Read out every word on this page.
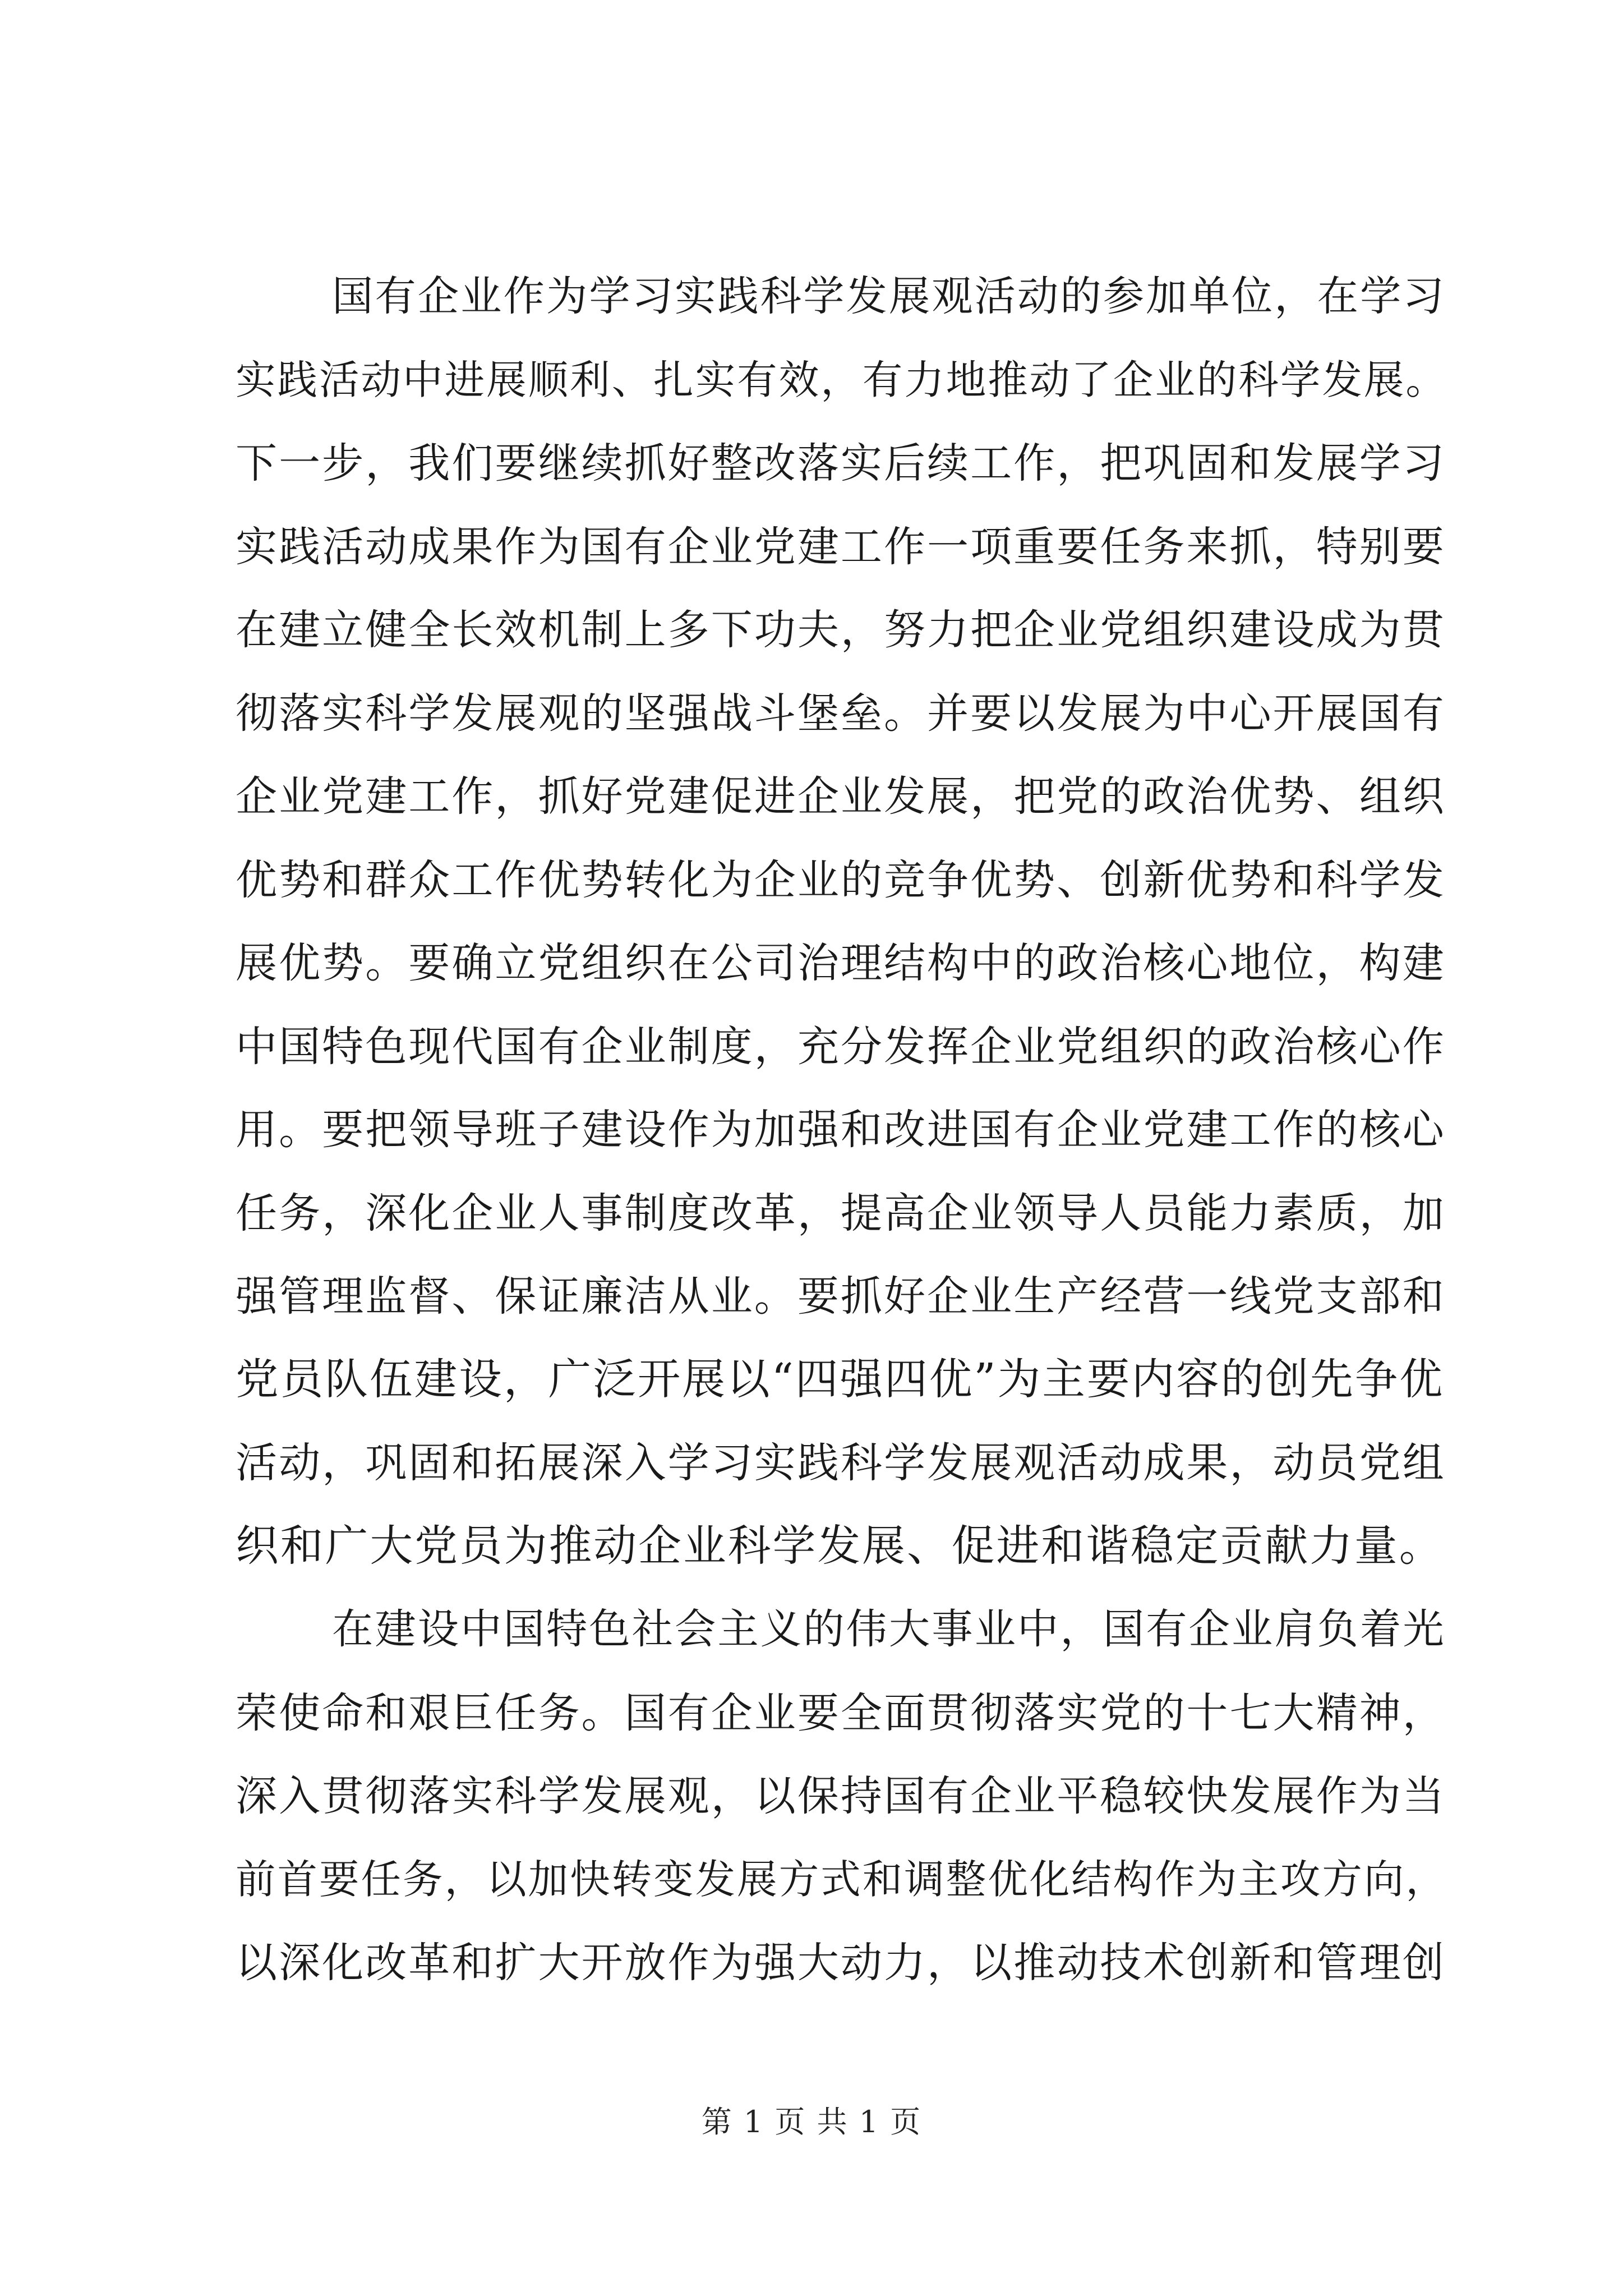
国有企业作为学习实践科学发展观活动的参加单位，在学习
实践活动中进展顺利、扎实有效，有力地推动了企业的科学发展。
下一步，我们要继续抓好整改落实后续工作，把巩固和发展学习
实践活动成果作为国有企业党建工作一项重要任务来抓，特别要
在建立健全长效机制上多下功夫，努力把企业党组织建设成为贯
彻落实科学发展观的坚强战斗堡垒。并要以发展为中心开展国有
企业党建工作，抓好党建促进企业发展，把党的政治优势、组织
优势和群众工作优势转化为企业的竞争优势、创新优势和科学发
展优势。要确立党组织在公司治理结构中的政治核心地位，构建
中国特色现代国有企业制度，充分发挥企业党组织的政治核心作
用。要把领导班子建设作为加强和改进国有企业党建工作的核心
任务，深化企业人事制度改革，提高企业领导人员能力素质，加
强管理监督、保证廉洁从业。要抓好企业生产经营一线党支部和
党员队伍建设，广泛开展以“四强四优”为主要内容的创先争优
活动，巩固和拓展深入学习实践科学发展观活动成果，动员党组
织和广大党员为推动企业科学发展、促进和谐稳定贡献力量。
在建设中国特色社会主义的伟大事业中，国有企业肩负着光
荣使命和艰巨任务。国有企业要全面贯彻落实党的十七大精神，
深入贯彻落实科学发展观，以保持国有企业平稳较快发展作为当
前首要任务，以加快转变发展方式和调整优化结构作为主攻方向，
以深化改革和扩大开放作为强大动力，以推动技术创新和管理创
第 1 页 共 1 页
